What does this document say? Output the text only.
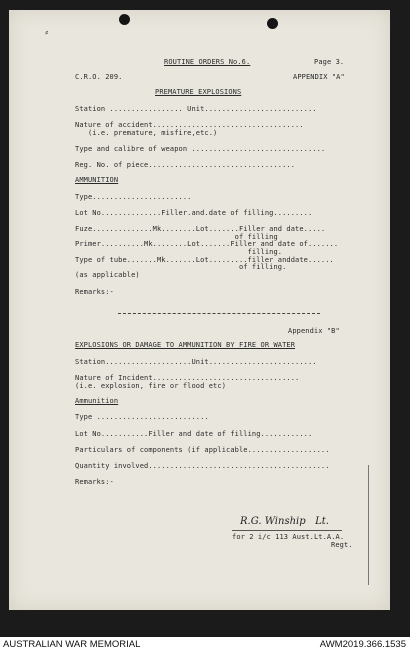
⸗
ROUTINE ORDERS No.6.	Page 3.
C.R.O. 209.	APPENDIX "A"
PREMATURE EXPLOSIONS
Station ................. Unit..........................
Nature of accident...................................
(i.e. premature, misfire,etc.)
Type and calibre of weapon ...............................
Reg. No. of piece..................................
AMMUNITION
Type.......................
Lot No..............Filler.and.date of filling.........
Fuze..............Mk........Lot.......Filler and date.....
of filling
Primer..........Mk........Lot.......Filler and date of.......
filling.
Type of tube.......Mk.......Lot.........filler anddate......
of filling.
(as applicable)
Remarks:-
Appendix "B"
EXPLOSIONS OR DAMAGE TO AMMUNITION BY FIRE OR WATER
Station....................Unit.........................
Nature of Incident..................................
(i.e. explosion, fire or flood etc)
Ammunition
Type ..........................
Lot No...........Filler and date of filling............
Particulars of components (if applicable...................
Quantity involved..........................................
Remarks:-
R.G. Winship   Lt.
for 2 i/c 113 Aust.Lt.A.A.
Regt.
AUSTRALIAN WAR MEMORIAL	AWM2019.366.1535
